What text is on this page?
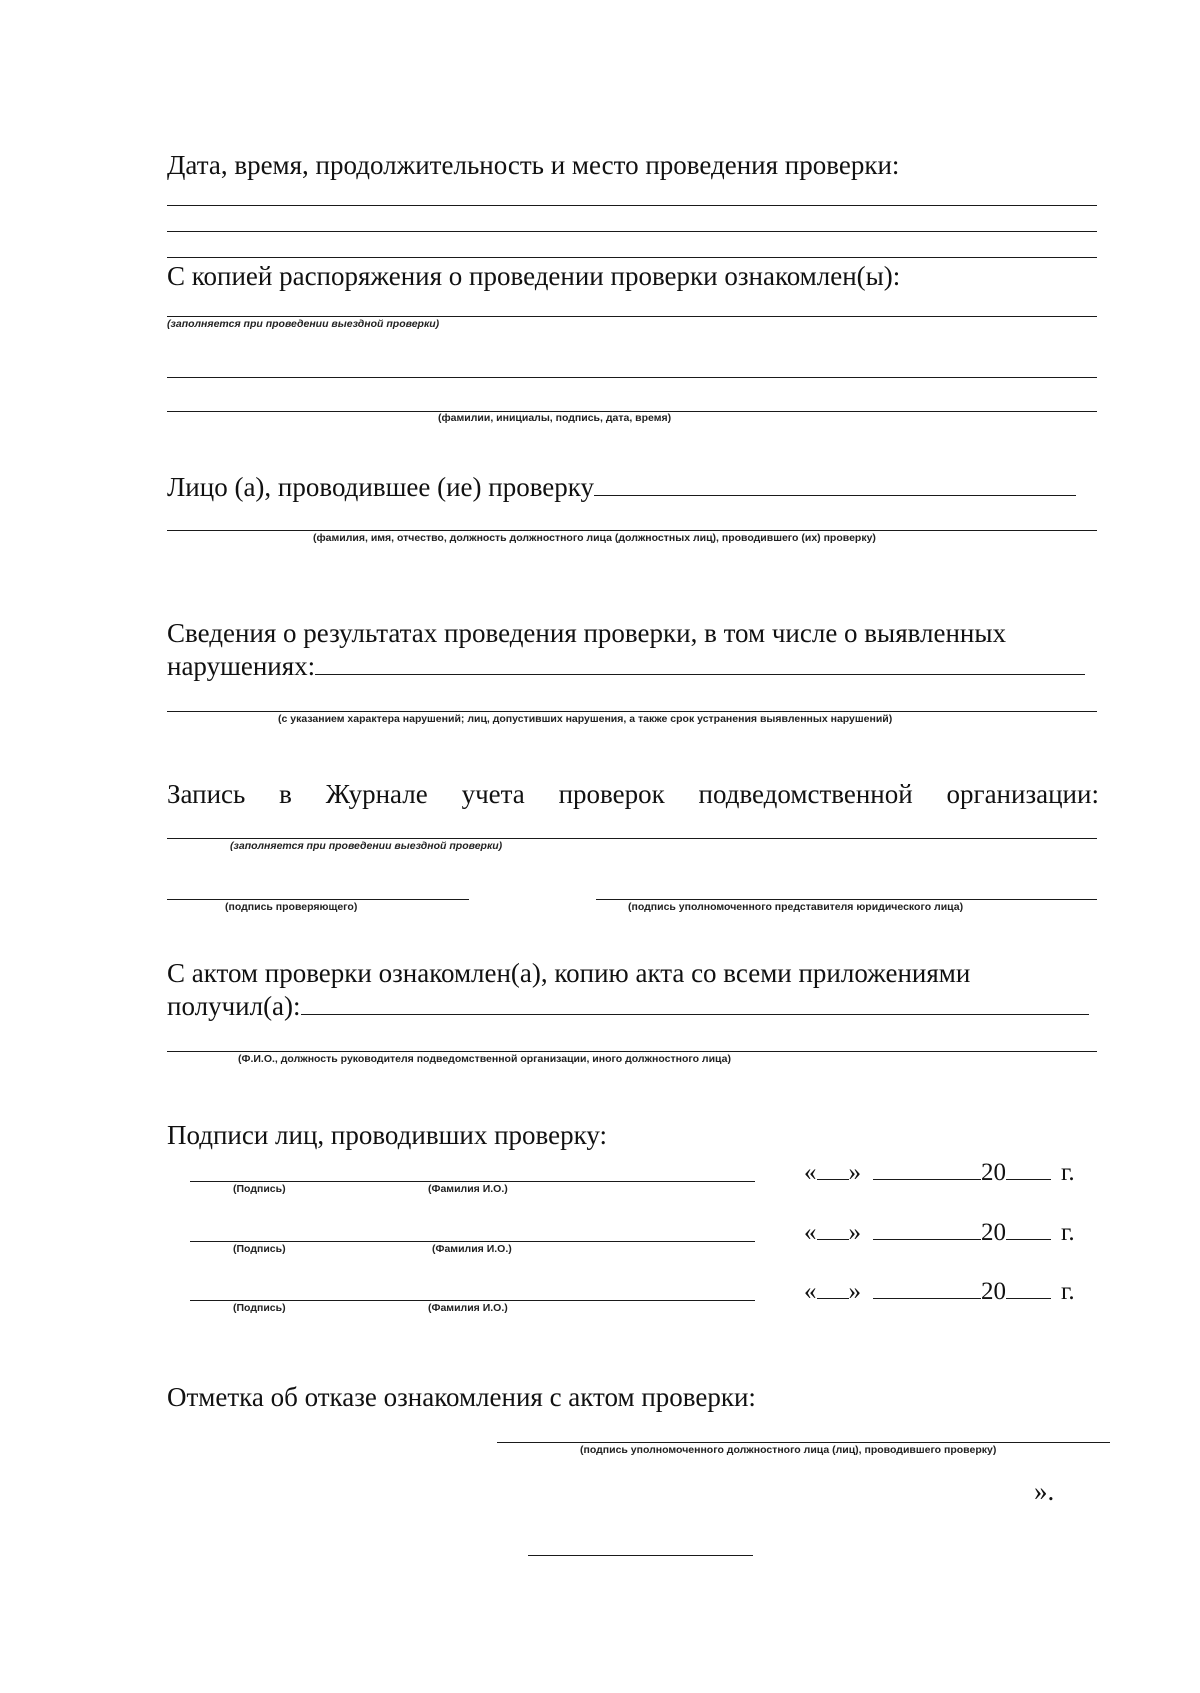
Дата, время, продолжительность и место проведения проверки:
С копией распоряжения о проведении проверки ознакомлен(ы):
(заполняется при проведении выездной проверки)
(фамилии, инициалы, подпись, дата, время)
Лицо (а), проводившее (ие) проверку
(фамилия, имя, отчество, должность должностного лица (должностных лиц), проводившего (их) проверку)
Сведения о результатах проведения проверки, в том числе о выявленных
нарушениях:
(с указанием характера нарушений; лиц, допустивших нарушения, а также срок устранения выявленных нарушений)
Запись в Журнале учета проверок подведомственной организации:
(заполняется при проведении выездной проверки)
(подпись проверяющего)	(подпись уполномоченного представителя юридического лица)
С актом проверки ознакомлен(а), копию акта со всеми приложениями
получил(а):
(Ф.И.О., должность руководителя подведомственной организации, иного должностного лица)
Подписи лиц, проводивших проверку:
(Подпись)	(Фамилия И.О.)
« »	20 г.
(Подпись)	(Фамилия И.О.)
« »	20 г.
(Подпись)	(Фамилия И.О.)
« »	20 г.
Отметка об отказе ознакомления с актом проверки:
(подпись уполномоченного должностного лица (лиц), проводившего проверку)
».
